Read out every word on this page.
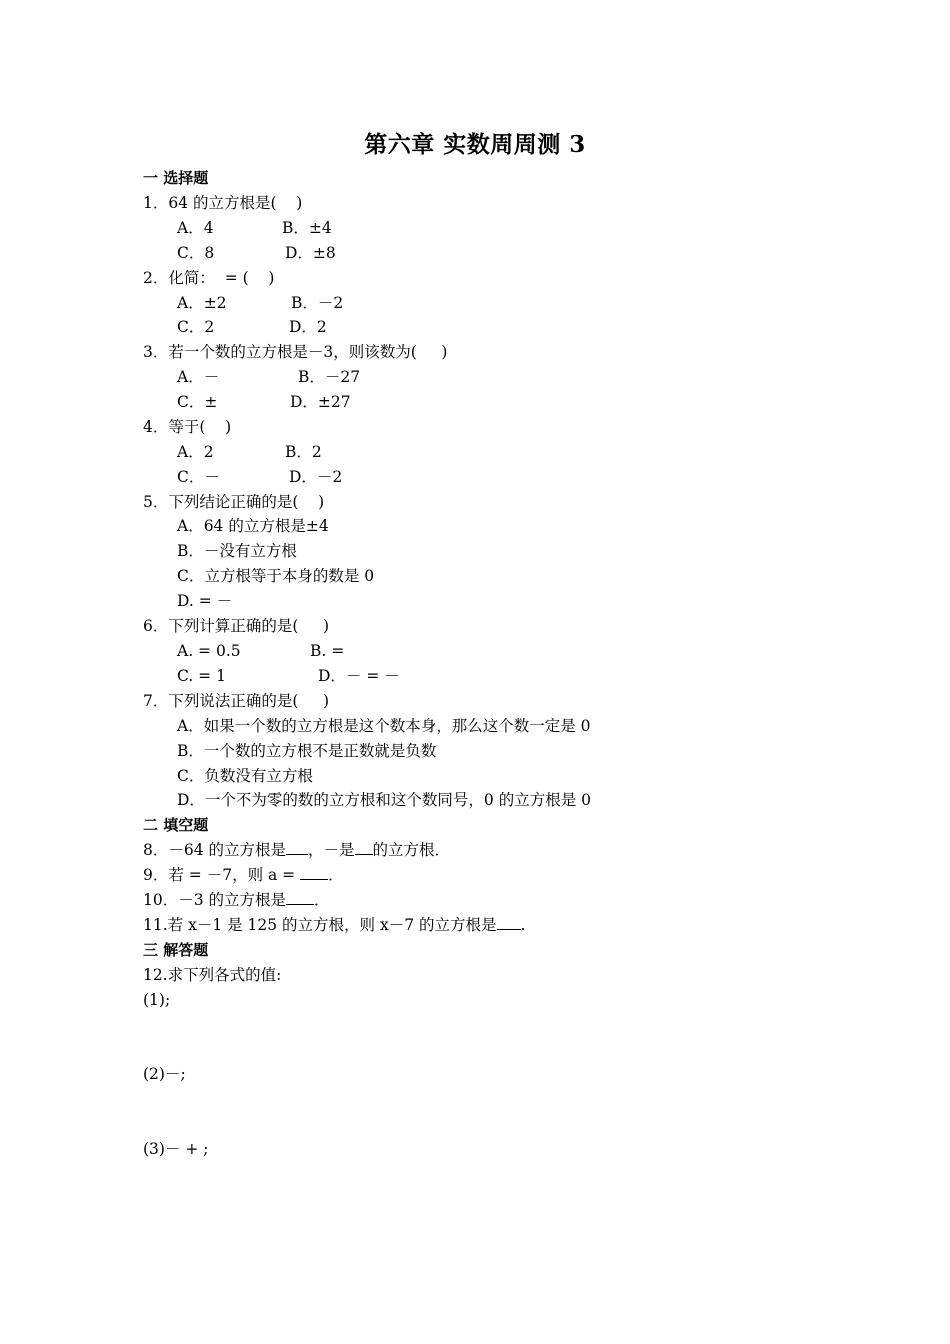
第六章 实数周周测 3
一 选择题
1．64 的立方根是(    )
A．4	B．±4
C．8	D．±8
2．化简：  = (    )
A．±2	B．－2
C．2	D．2
3．若一个数的立方根是－3，则该数为(     )
A．－	B．－27
C．±	D．±27
4．等于(    )
A．2	B．2
C．－	D．－2
5．下列结论正确的是(    )
A．64 的立方根是±4
B．－没有立方根
C．立方根等于本身的数是 0
D. = －
6．下列计算正确的是(     )
A. = 0.5	B. =
C. = 1	D．－ = －
7．下列说法正确的是(     )
A．如果一个数的立方根是这个数本身，那么这个数一定是 0
B．一个数的立方根不是正数就是负数
C．负数没有立方根
D．一个不为零的数的立方根和这个数同号，0 的立方根是 0
二 填空题
8．－64 的立方根是 ，－是 的立方根．
9．若 = －7，则 a = ．
10．－3 的立方根是 ．
11.若 x－1 是 125 的立方根，则 x－7 的立方根是 .
三 解答题
12.求下列各式的值:
(1);
(2)－;
(3)－ + ;
